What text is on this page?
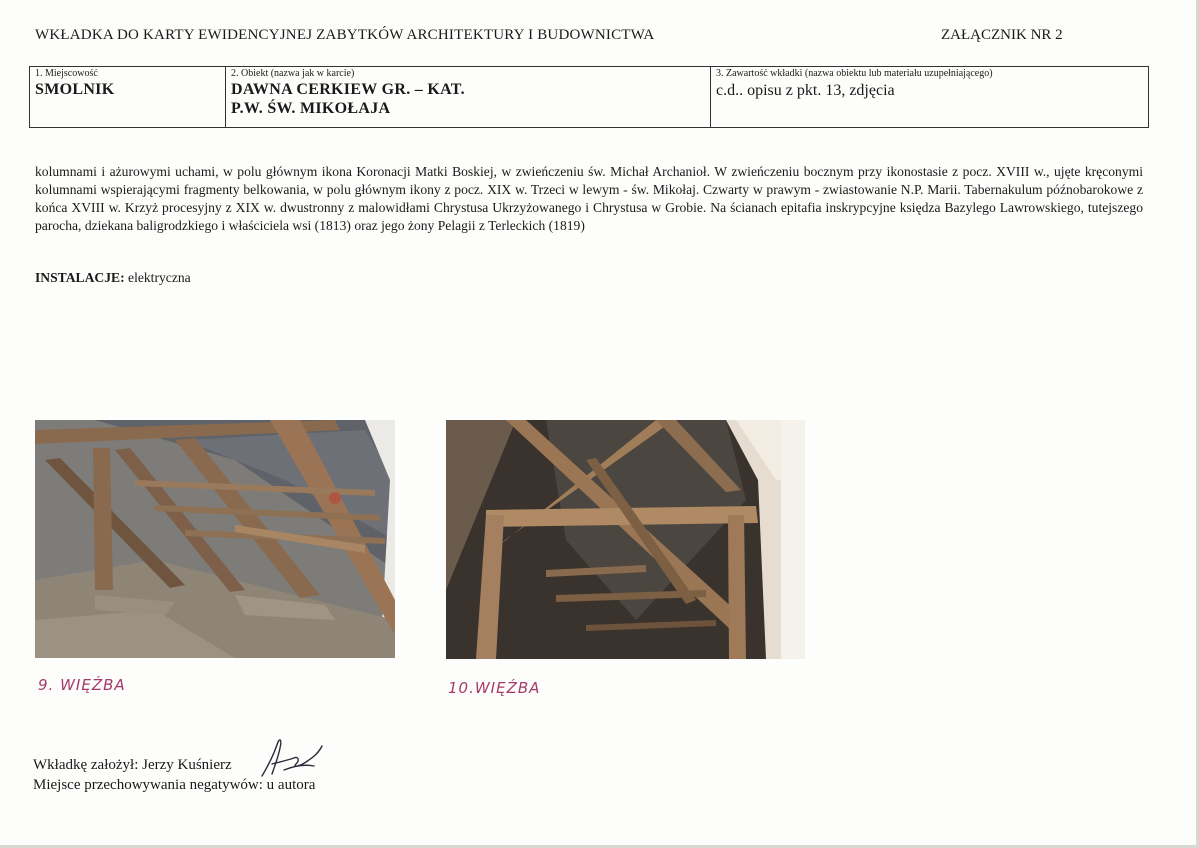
WKŁADKA DO KARTY EWIDENCYJNEJ ZABYTKÓW ARCHITEKTURY I BUDOWNICTWA	ZAŁĄCZNIK NR 2
1. Miejscowość
SMOLNIK
2. Obiekt (nazwa jak w karcie)
DAWNA CERKIEW GR. – KAT.
P.W. ŚW. MIKOŁAJA
3. Zawartość wkładki (nazwa obiektu lub materiału uzupełniającego)
c.d.. opisu z pkt. 13, zdjęcia
kolumnami i ażurowymi uchami, w polu głównym ikona Koronacji Matki Boskiej, w zwieńczeniu św. Michał Archanioł. W zwieńczeniu bocznym przy ikonostasie z pocz. XVIII w., ujęte kręconymi kolumnami wspierającymi fragmenty belkowania, w polu głównym ikony z pocz. XIX w. Trzeci w lewym - św. Mikołaj. Czwarty w prawym - zwiastowanie N.P. Marii. Tabernakulum późnobarokowe z końca XVIII w. Krzyż procesyjny z XIX w. dwustronny z malowidłami Chrystusa Ukrzyżowanego i Chrystusa w Grobie. Na ścianach epitafia inskrypcyjne księdza Bazylego Lawrowskiego, tutejszego parocha, dziekana baligrodzkiego i właściciela wsi (1813) oraz jego żony Pelagii z Terleckich (1819)
INSTALACJE: elektryczna
9. WIĘŹBA	10.WIĘŹBA
Wkładkę założył: Jerzy Kuśnierz
Miejsce przechowywania negatywów: u autora
